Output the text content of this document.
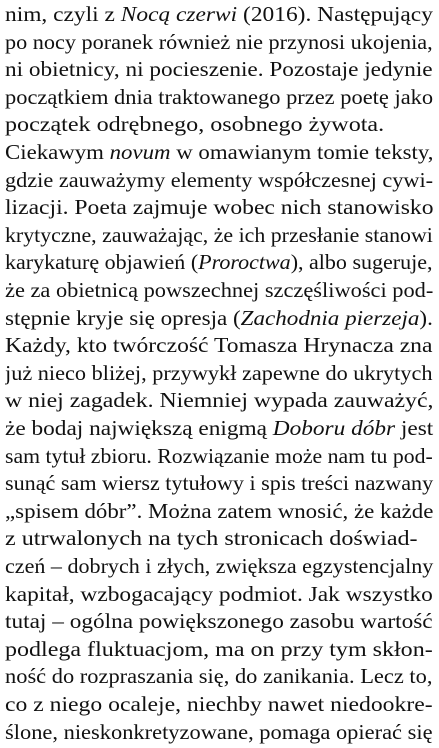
nim, czyli z Nocą czerwi (2016). Następujący
po nocy poranek również nie przynosi ukojenia,
ni obietnicy, ni pocieszenie. Pozostaje jedynie
początkiem dnia traktowanego przez poetę jako
początek odrębnego, osobnego żywota.
Ciekawym novum w omawianym tomie teksty,
gdzie zauważymy elementy współczesnej cywi-
lizacji. Poeta zajmuje wobec nich stanowisko
krytyczne, zauważając, że ich przesłanie stanowi
karykaturę objawień (Proroctwa), albo sugeruje,
że za obietnicą powszechnej szczęśliwości pod-
stępnie kryje się opresja (Zachodnia pierzeja).
Każdy, kto twórczość Tomasza Hrynacza zna
już nieco bliżej, przywykł zapewne do ukrytych
w niej zagadek. Niemniej wypada zauważyć,
że bodaj największą enigmą Doboru dóbr jest
sam tytuł zbioru. Rozwiązanie może nam tu pod-
sunąć sam wiersz tytułowy i spis treści nazwany
„spisem dóbr”. Można zatem wnosić, że każde
z utrwalonych na tych stronicach doświad-
czeń – dobrych i złych, zwiększa egzystencjalny
kapitał, wzbogacający podmiot. Jak wszystko
tutaj – ogólna powiększonego zasobu wartość
podlega fluktuacjom, ma on przy tym skłon-
ność do rozpraszania się, do zanikania. Lecz to,
co z niego ocaleje, niechby nawet niedookre-
ślone, nieskonkretyzowane, pomaga opierać się
